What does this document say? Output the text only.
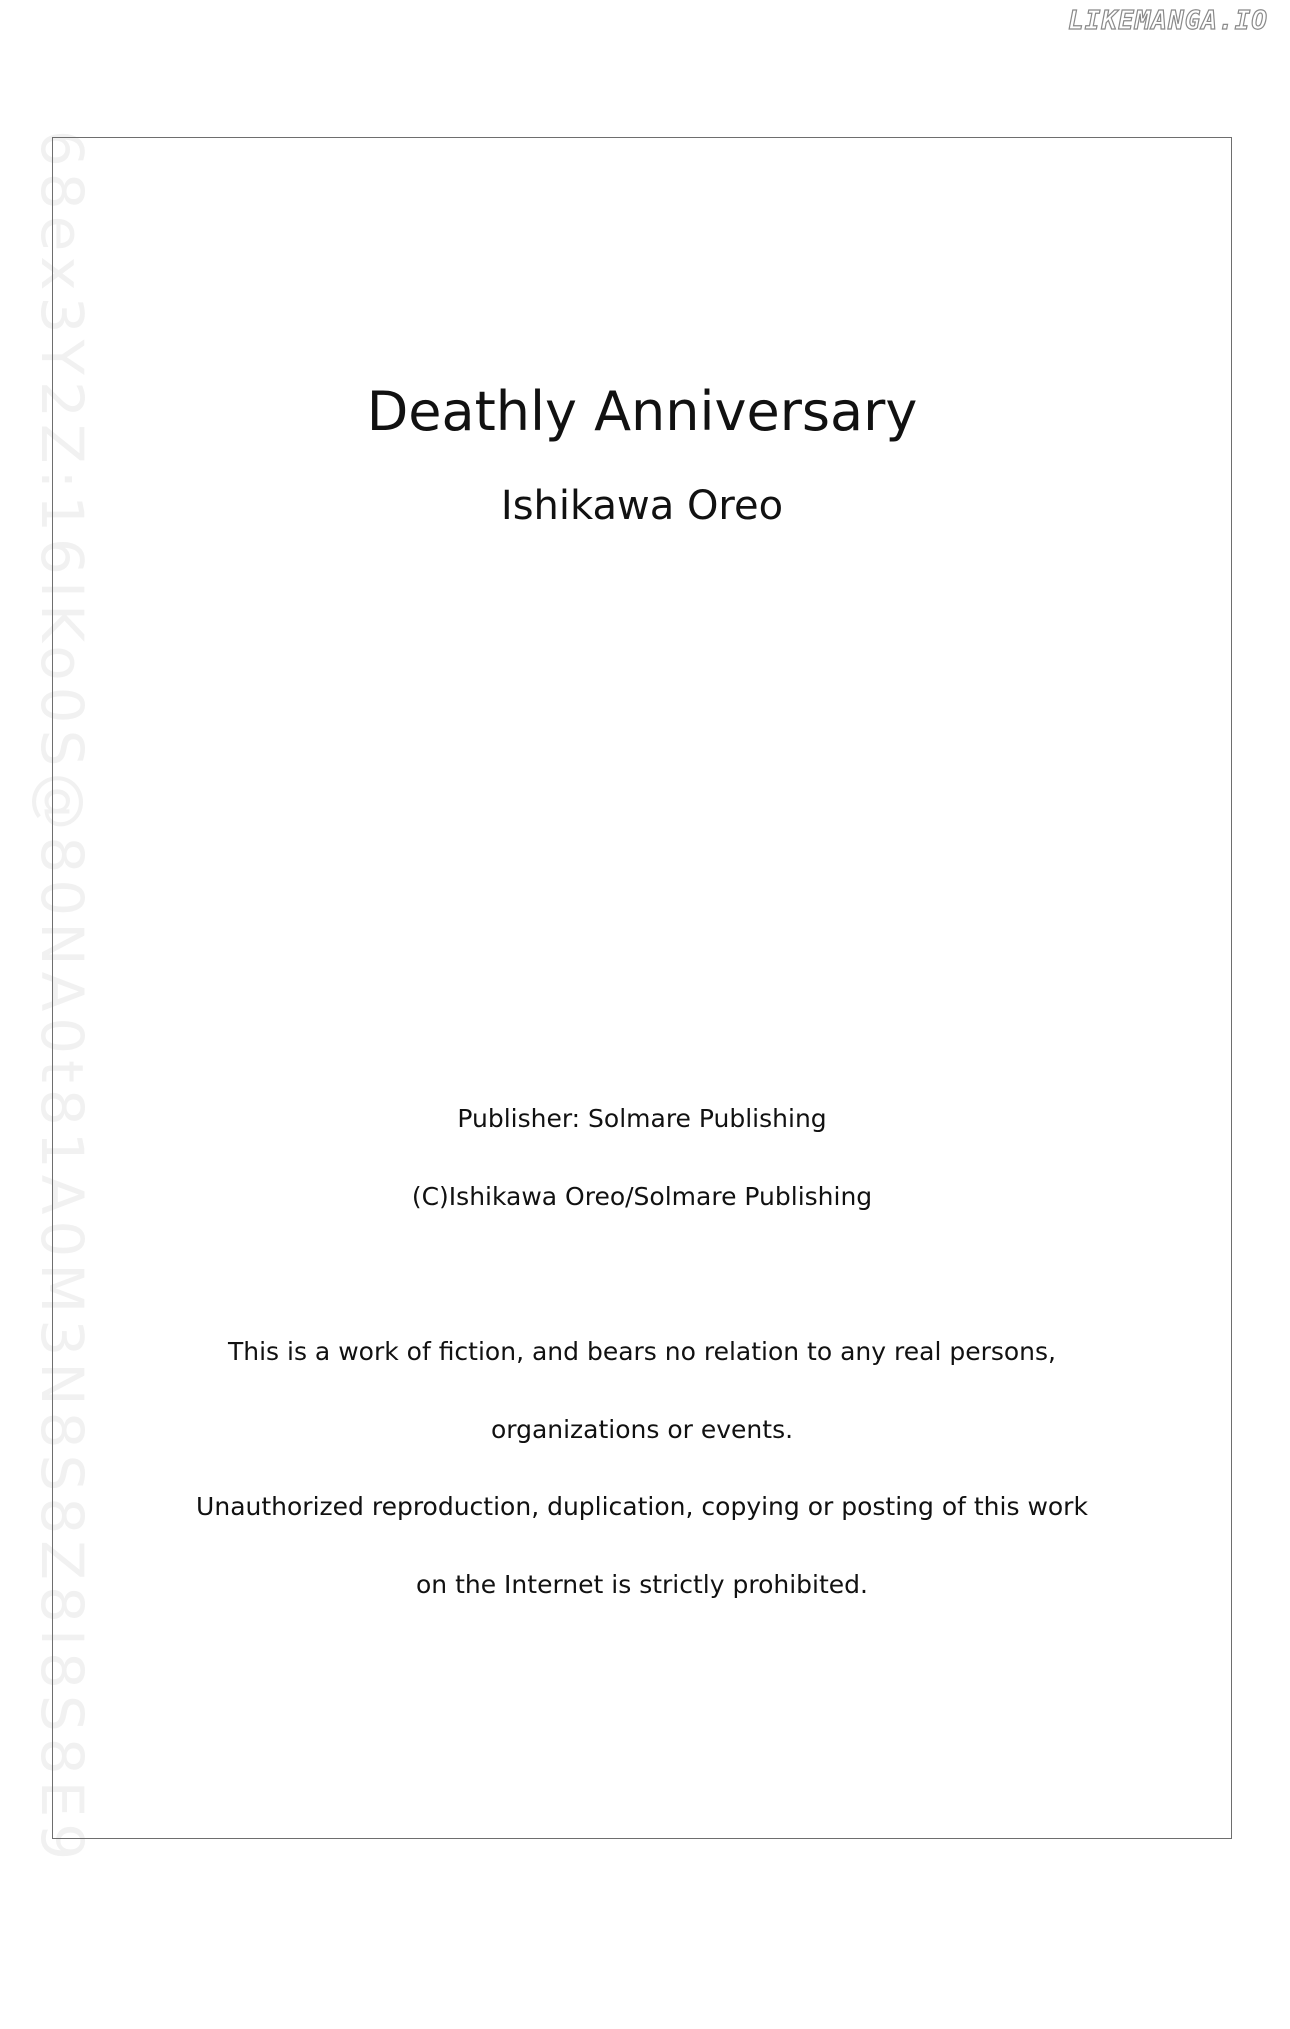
LIKEMANGA.IO
68ex3Y2Z:16IKo0S@80NA0t81A0M3N8S8Z8I8S8E9	Deathly Anniversary
Ishikawa Oreo
Publisher: Solmare Publishing
(C)Ishikawa Oreo/Solmare Publishing
This is a work of fiction, and bears no relation to any real persons,
organizations or events.
Unauthorized reproduction, duplication, copying or posting of this work
on the Internet is strictly prohibited.
